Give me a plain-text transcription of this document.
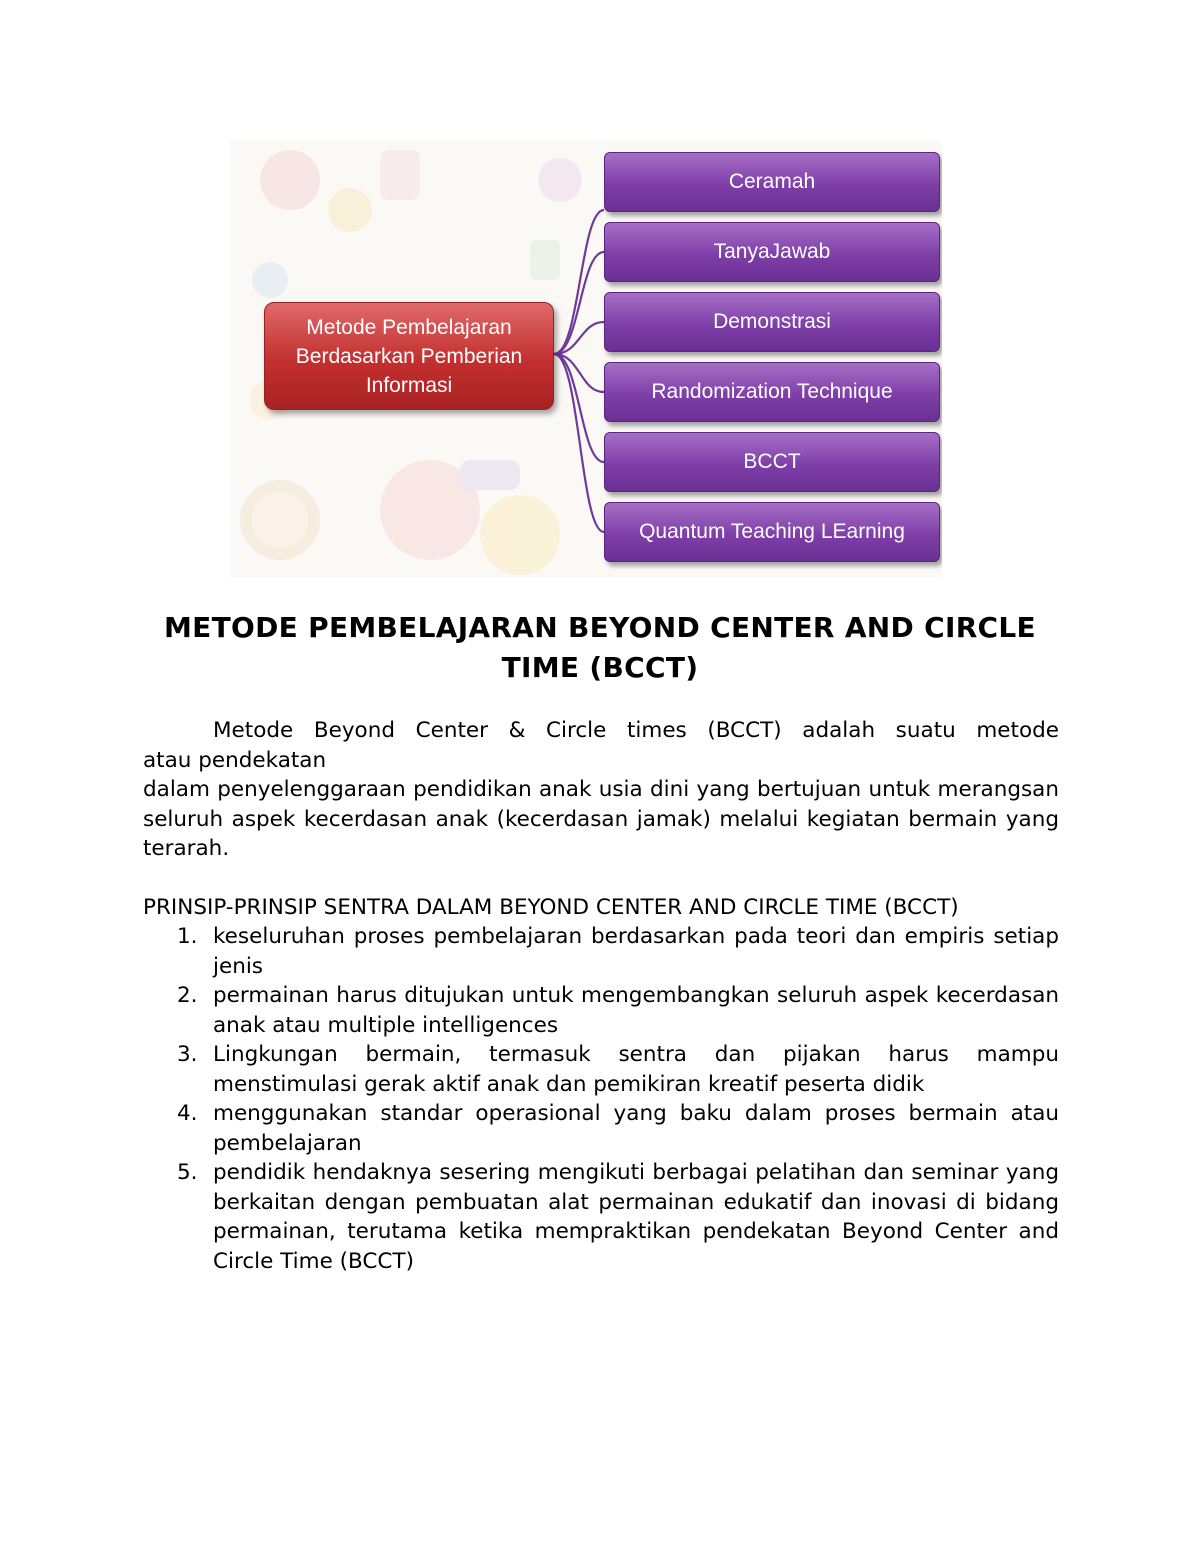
Metode Pembelajaran Berdasarkan Pemberian Informasi
Ceramah
TanyaJawab
Demonstrasi
Randomization Technique
BCCT
Quantum Teaching LEarning
METODE PEMBELAJARAN BEYOND CENTER AND CIRCLE TIME (BCCT)

Metode Beyond Center & Circle times (BCCT) adalah suatu metode
atau pendekatan

dalam penyelenggaraan pendidikan anak usia dini yang bertujuan untuk merangsan seluruh aspek kecerdasan anak (kecerdasan jamak) melalui kegiatan bermain yang terarah.

PRINSIP-PRINSIP SENTRA DALAM BEYOND CENTER AND CIRCLE TIME (BCCT)

1. keseluruhan proses pembelajaran berdasarkan pada teori dan empiris setiap jenis
2. permainan harus ditujukan untuk mengembangkan seluruh aspek kecerdasan anak atau multiple intelligences
3. Lingkungan bermain, termasuk sentra dan pijakan harus mampu menstimulasi gerak aktif anak dan pemikiran kreatif peserta didik
4. menggunakan standar operasional yang baku dalam proses bermain atau pembelajaran
5. pendidik hendaknya sesering mengikuti berbagai pelatihan dan seminar yang berkaitan dengan pembuatan alat permainan edukatif dan inovasi di bidang permainan, terutama ketika mempraktikan pendekatan Beyond Center and Circle Time (BCCT)
